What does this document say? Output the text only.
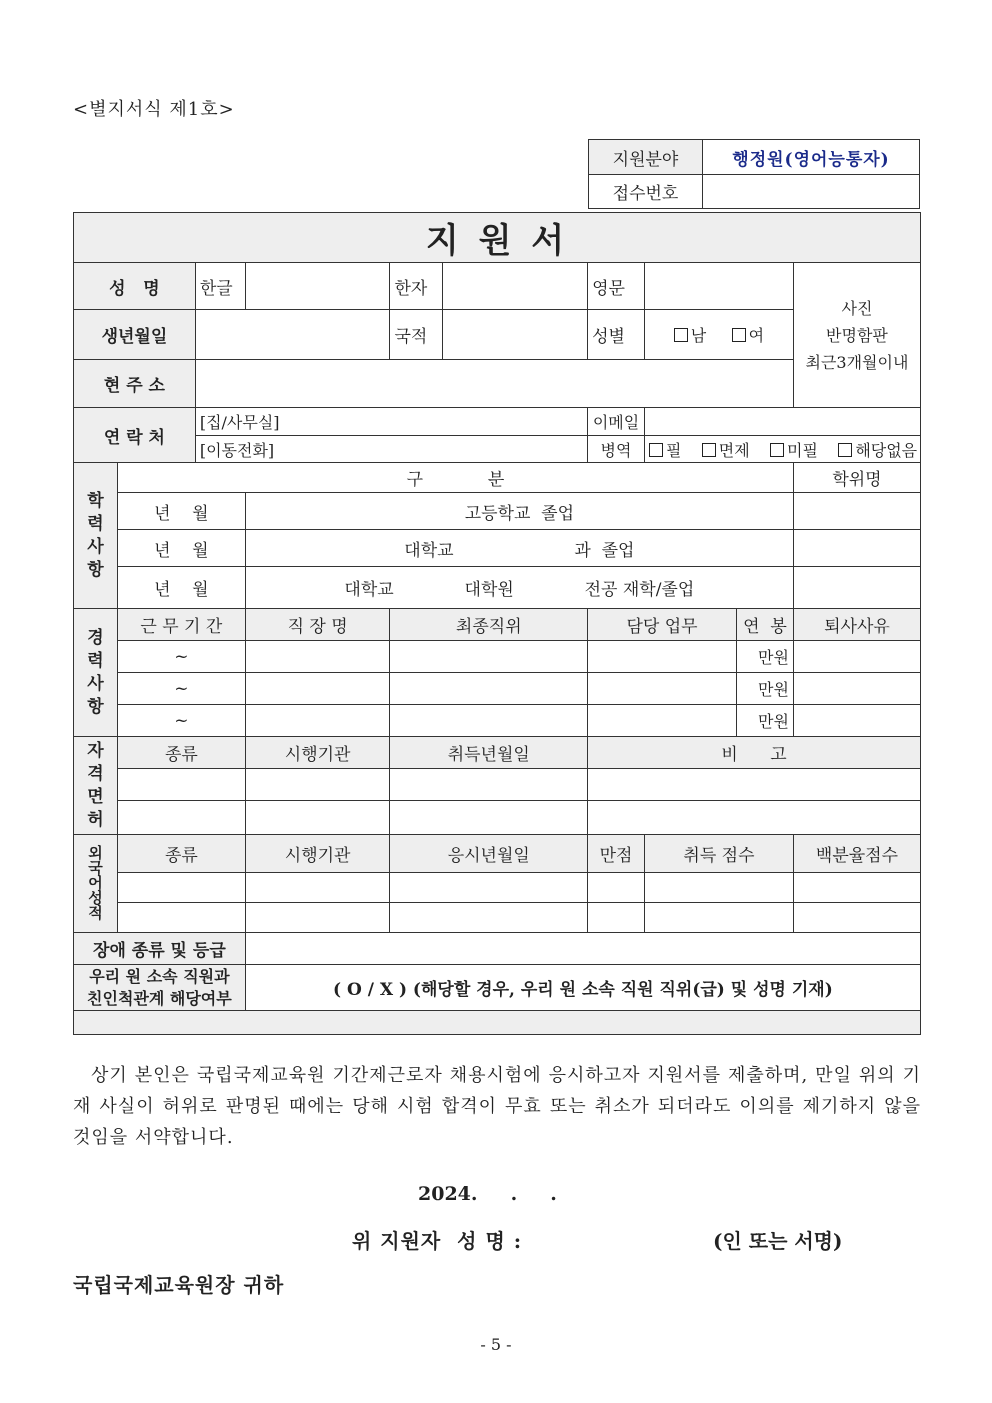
<별지서식 제1호>
지원분야	행정원(영어능통자)
접수번호	
지 원 서									
성   명		한글		한자		영문			사진
반명함판
최근3개월이내

생년월일				국적		성별	남 여		
현 주 소									
연 락 처		[집/사무실]				이메일			
		[이동전화]				병역	필 면제 미필 해당없음		

학
력
사
항	구            분								학위명
	년    월		고등학교  졸업						
	년    월		대학교 과  졸업						
	년    월		대학교 대학원 전공 재학/졸업						

경
력
사
항	근 무 기 간		직 장 명	최종직위		담당 업무		연  봉	퇴사사유
	~							만원	
	~							만원	
	~							만원	

자
격
면
허	종류		시행기관	취득년월일		비      고			

외
국
어
성
적	종류		시행기관	응시년월일		만점	취득 점수		백분율점수

장애 종류 및 등급									

우리 원 소속 직원과
친인척관계 해당여부			( O / X ) (해당할 경우, 우리 원 소속 직원 직위(급) 및 성명 기재)						

상기 본인은 국립국제교육원 기간제근로자 채용시험에 응시하고자 지원서를 제출하며, 만일 위의 기재 사실이 허위로 판명된 때에는 당해 시험 합격이 무효 또는 취소가 되더라도 이의를 제기하지 않을 것임을 서약합니다.
2024.     .     .
위 지원자  성 명 :	(인 또는 서명)
국립국제교육원장 귀하
- 5 -
